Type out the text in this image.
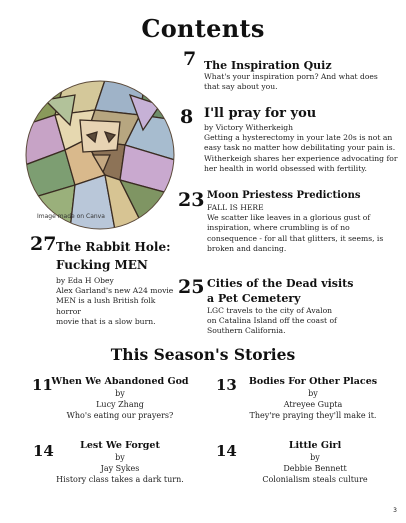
Contents
Image made on Canva
7 The Inspiration Quiz
What's your inspiration porn? And what does
that say about you.
8 I'll pray for you
by Victory Witherkeigh
Getting a hysterectomy in your late 20s is not an
easy task no matter how debilitating your pain is.
Witherkeigh shares her experience advocating for
her health in world obsessed with fertility.
23 Moon Priestess Predictions
FALL IS HERE
We scatter like leaves in a glorious gust of
inspiration, where crumbling is of no
consequence - for all that glitters, it seems, is
broken and dancing.
27 The Rabbit Hole:
Fucking MEN
by Eda H Obey
Alex Garland's new A24 movie
MEN is a lush British folk horror
movie that is a slow burn.
25 Cities of the Dead visits
a Pet Cemetery
LGC travels to the city of Avalon
on Catalina Island off the coast of
Southern California.
This Season's Stories
11
When We Abandoned God
by
Lucy Zhang
Who's eating our prayers?
13	Bodies For Other Places
by
Atreyee Gupta
They're praying they'll make it.
14	Lest We Forget
by
Jay Sykes
History class takes a dark turn.
14	Little Girl
by
Debbie Bennett
Colonialism steals culture
3
